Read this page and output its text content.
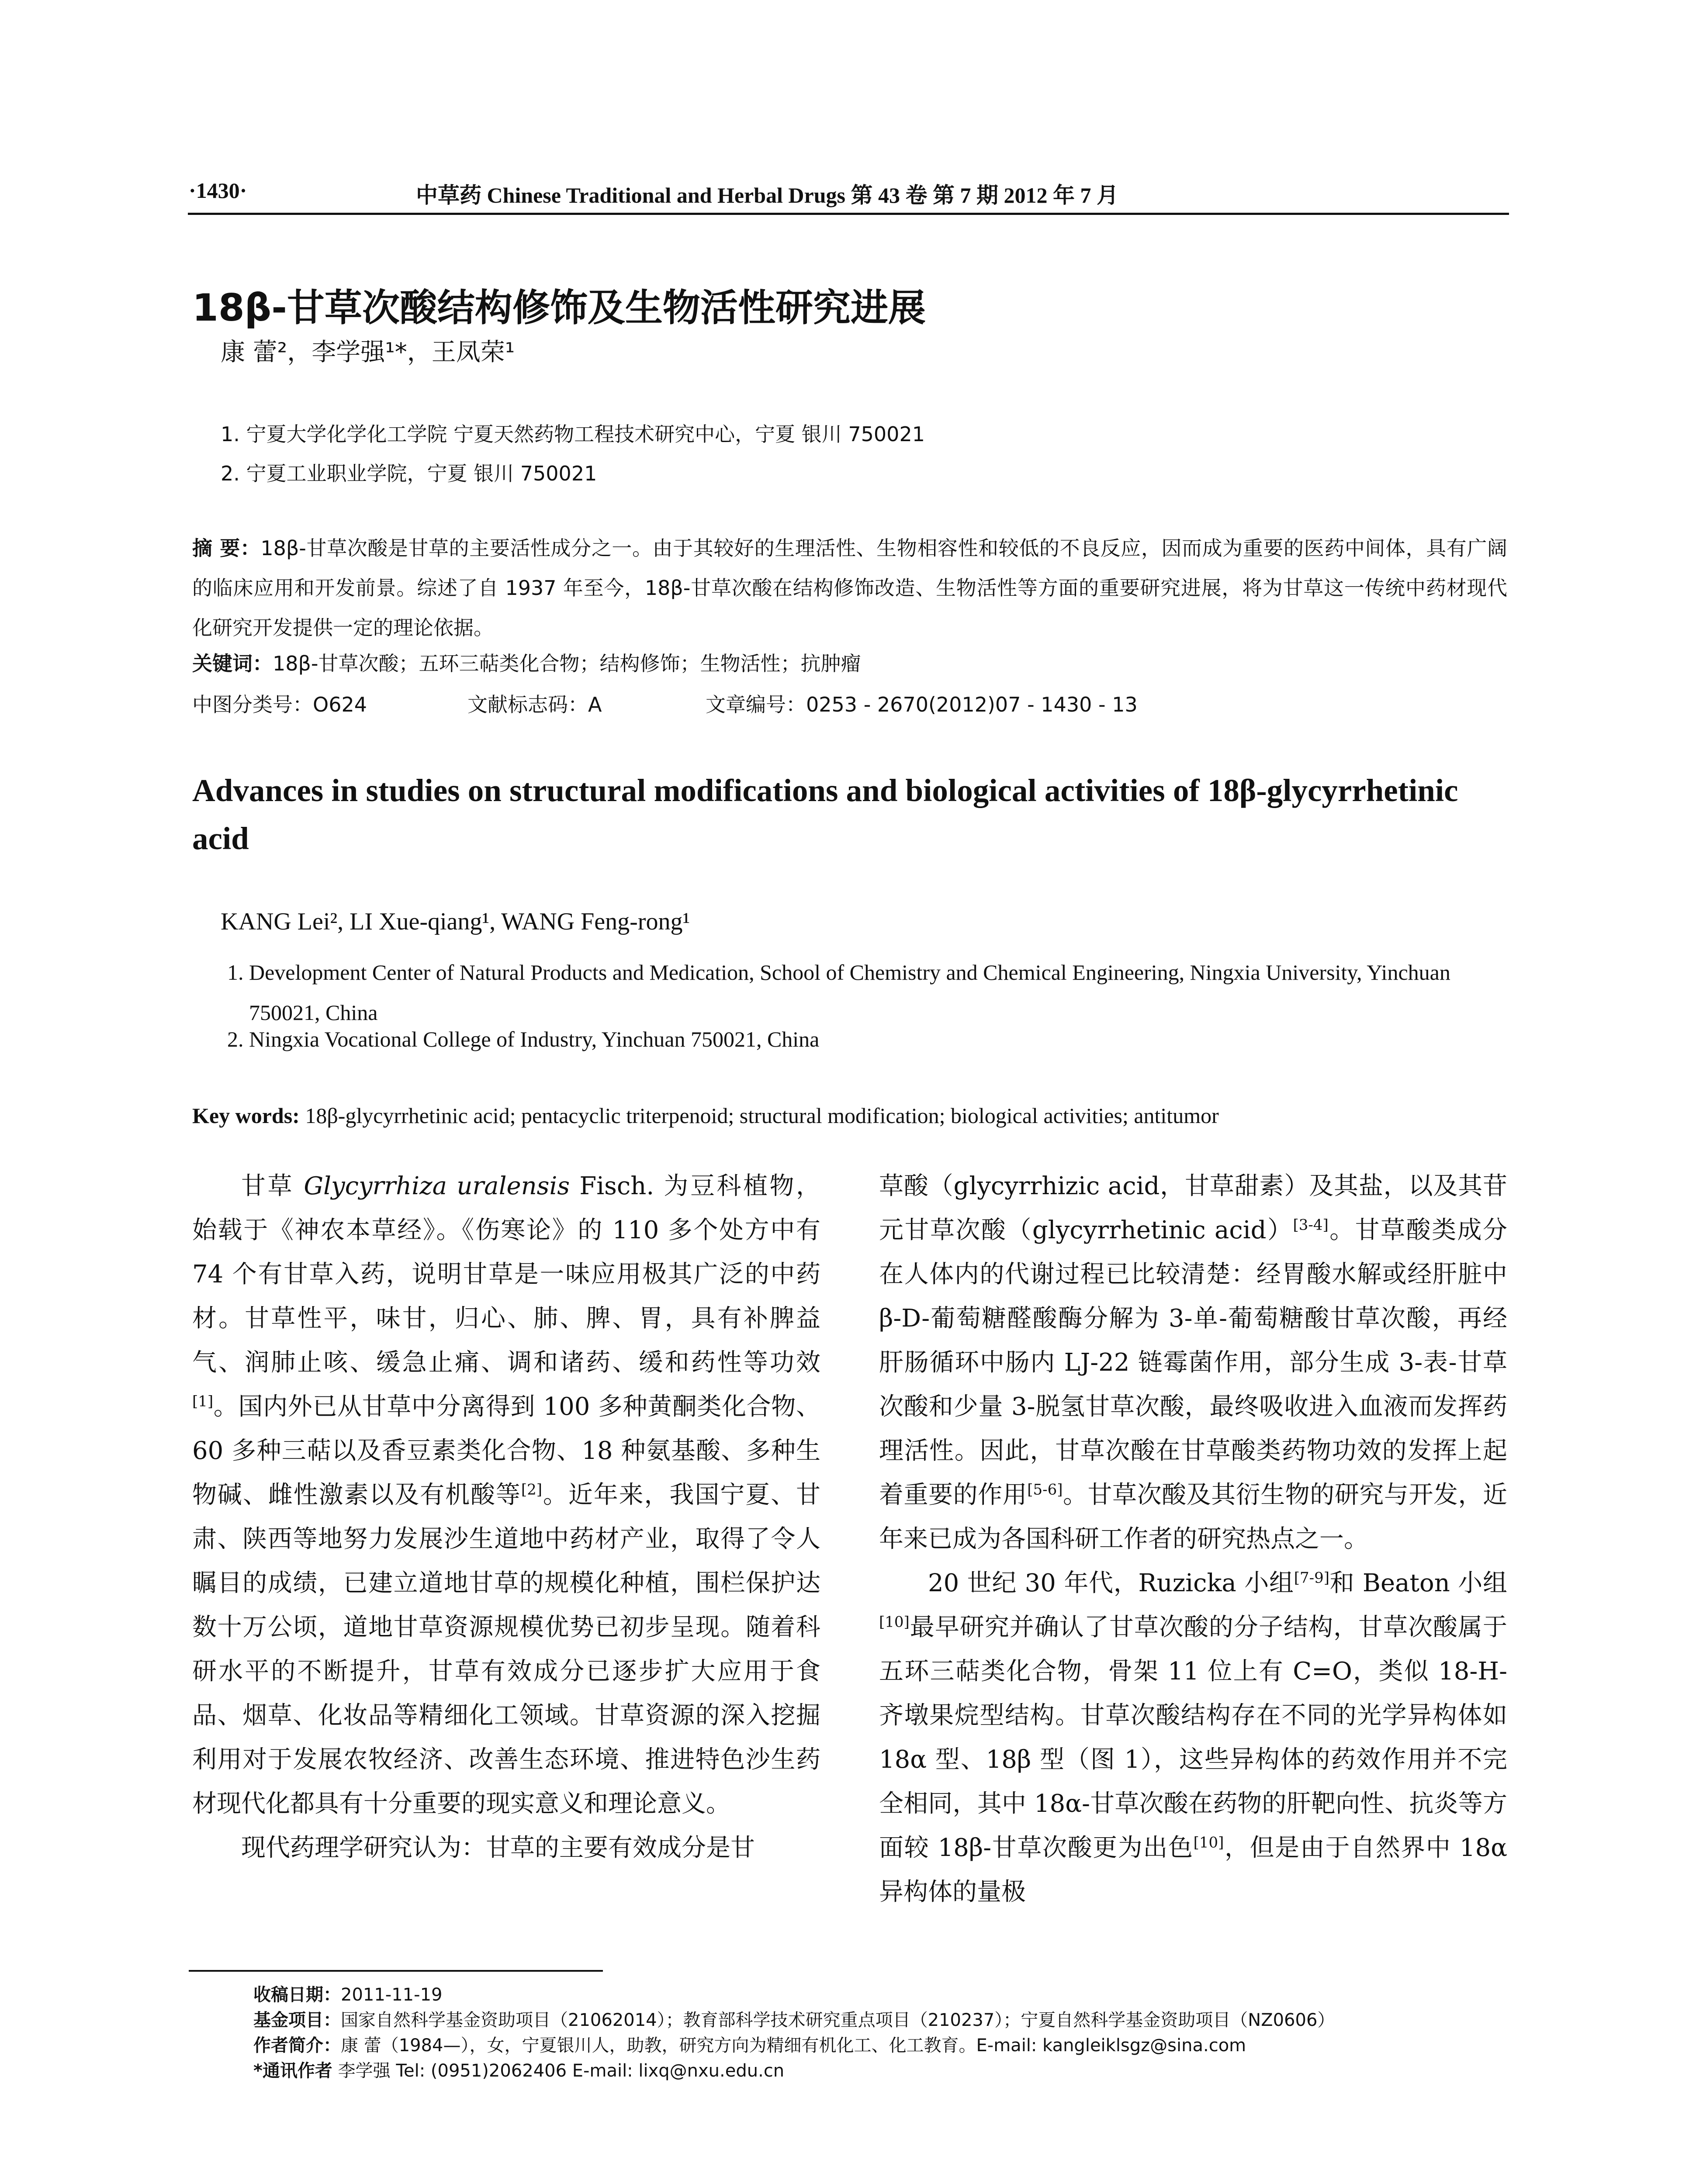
·1430·	中草药 Chinese Traditional and Herbal Drugs 第 43 卷 第 7 期 2012 年 7 月
18β-甘草次酸结构修饰及生物活性研究进展
康 蕾²，李学强¹*，王凤荣¹
1. 宁夏大学化学化工学院 宁夏天然药物工程技术研究中心，宁夏 银川 750021
2. 宁夏工业职业学院，宁夏 银川 750021
摘 要：18β-甘草次酸是甘草的主要活性成分之一。由于其较好的生理活性、生物相容性和较低的不良反应，因而成为重要的医药中间体，具有广阔的临床应用和开发前景。综述了自 1937 年至今，18β-甘草次酸在结构修饰改造、生物活性等方面的重要研究进展，将为甘草这一传统中药材现代化研究开发提供一定的理论依据。
关键词：18β-甘草次酸；五环三萜类化合物；结构修饰；生物活性；抗肿瘤
中图分类号：O624	文献标志码：A	文章编号：0253 - 2670(2012)07 - 1430 - 13
Advances in studies on structural modifications and biological activities of 18β-glycyrrhetinic acid
KANG Lei², LI Xue-qiang¹, WANG Feng-rong¹
1. Development Center of Natural Products and Medication, School of Chemistry and Chemical Engineering, Ningxia University, Yinchuan 750021, China
2. Ningxia Vocational College of Industry, Yinchuan 750021, China
Key words: 18β-glycyrrhetinic acid; pentacyclic triterpenoid; structural modification; biological activities; antitumor

甘草 Glycyrrhiza uralensis Fisch. 为豆科植物，始载于《神农本草经》。《伤寒论》的 110 多个处方中有 74 个有甘草入药，说明甘草是一味应用极其广泛的中药材。甘草性平，味甘，归心、肺、脾、胃，具有补脾益气、润肺止咳、缓急止痛、调和诸药、缓和药性等功效[1]。国内外已从甘草中分离得到 100 多种黄酮类化合物、60 多种三萜以及香豆素类化合物、18 种氨基酸、多种生物碱、雌性激素以及有机酸等[2]。近年来，我国宁夏、甘肃、陕西等地努力发展沙生道地中药材产业，取得了令人瞩目的成绩，已建立道地甘草的规模化种植，围栏保护达数十万公顷，道地甘草资源规模优势已初步呈现。随着科研水平的不断提升，甘草有效成分已逐步扩大应用于食品、烟草、化妆品等精细化工领域。甘草资源的深入挖掘利用对于发展农牧经济、改善生态环境、推进特色沙生药材现代化都具有十分重要的现实意义和理论意义。

现代药理学研究认为：甘草的主要有效成分是甘

草酸（glycyrrhizic acid，甘草甜素）及其盐，以及其苷元甘草次酸（glycyrrhetinic acid）[3-4]。甘草酸类成分在人体内的代谢过程已比较清楚：经胃酸水解或经肝脏中 β-D-葡萄糖醛酸酶分解为 3-单-葡萄糖酸甘草次酸，再经肝肠循环中肠内 LJ-22 链霉菌作用，部分生成 3-表-甘草次酸和少量 3-脱氢甘草次酸，最终吸收进入血液而发挥药理活性。因此，甘草次酸在甘草酸类药物功效的发挥上起着重要的作用[5-6]。甘草次酸及其衍生物的研究与开发，近年来已成为各国科研工作者的研究热点之一。

20 世纪 30 年代，Ruzicka 小组[7-9]和 Beaton 小组[10]最早研究并确认了甘草次酸的分子结构，甘草次酸属于五环三萜类化合物，骨架 11 位上有 C=O，类似 18-H-齐墩果烷型结构。甘草次酸结构存在不同的光学异构体如 18α 型、18β 型（图 1），这些异构体的药效作用并不完全相同，其中 18α-甘草次酸在药物的肝靶向性、抗炎等方面较 18β-甘草次酸更为出色[10]，但是由于自然界中 18α 异构体的量极

收稿日期：2011-11-19
基金项目：国家自然科学基金资助项目（21062014）；教育部科学技术研究重点项目（210237）；宁夏自然科学基金资助项目（NZ0606）
作者简介：康 蕾（1984—），女，宁夏银川人，助教，研究方向为精细有机化工、化工教育。E-mail: kangleiklsgz@sina.com
*通讯作者 李学强 Tel: (0951)2062406 E-mail: lixq@nxu.edu.cn
